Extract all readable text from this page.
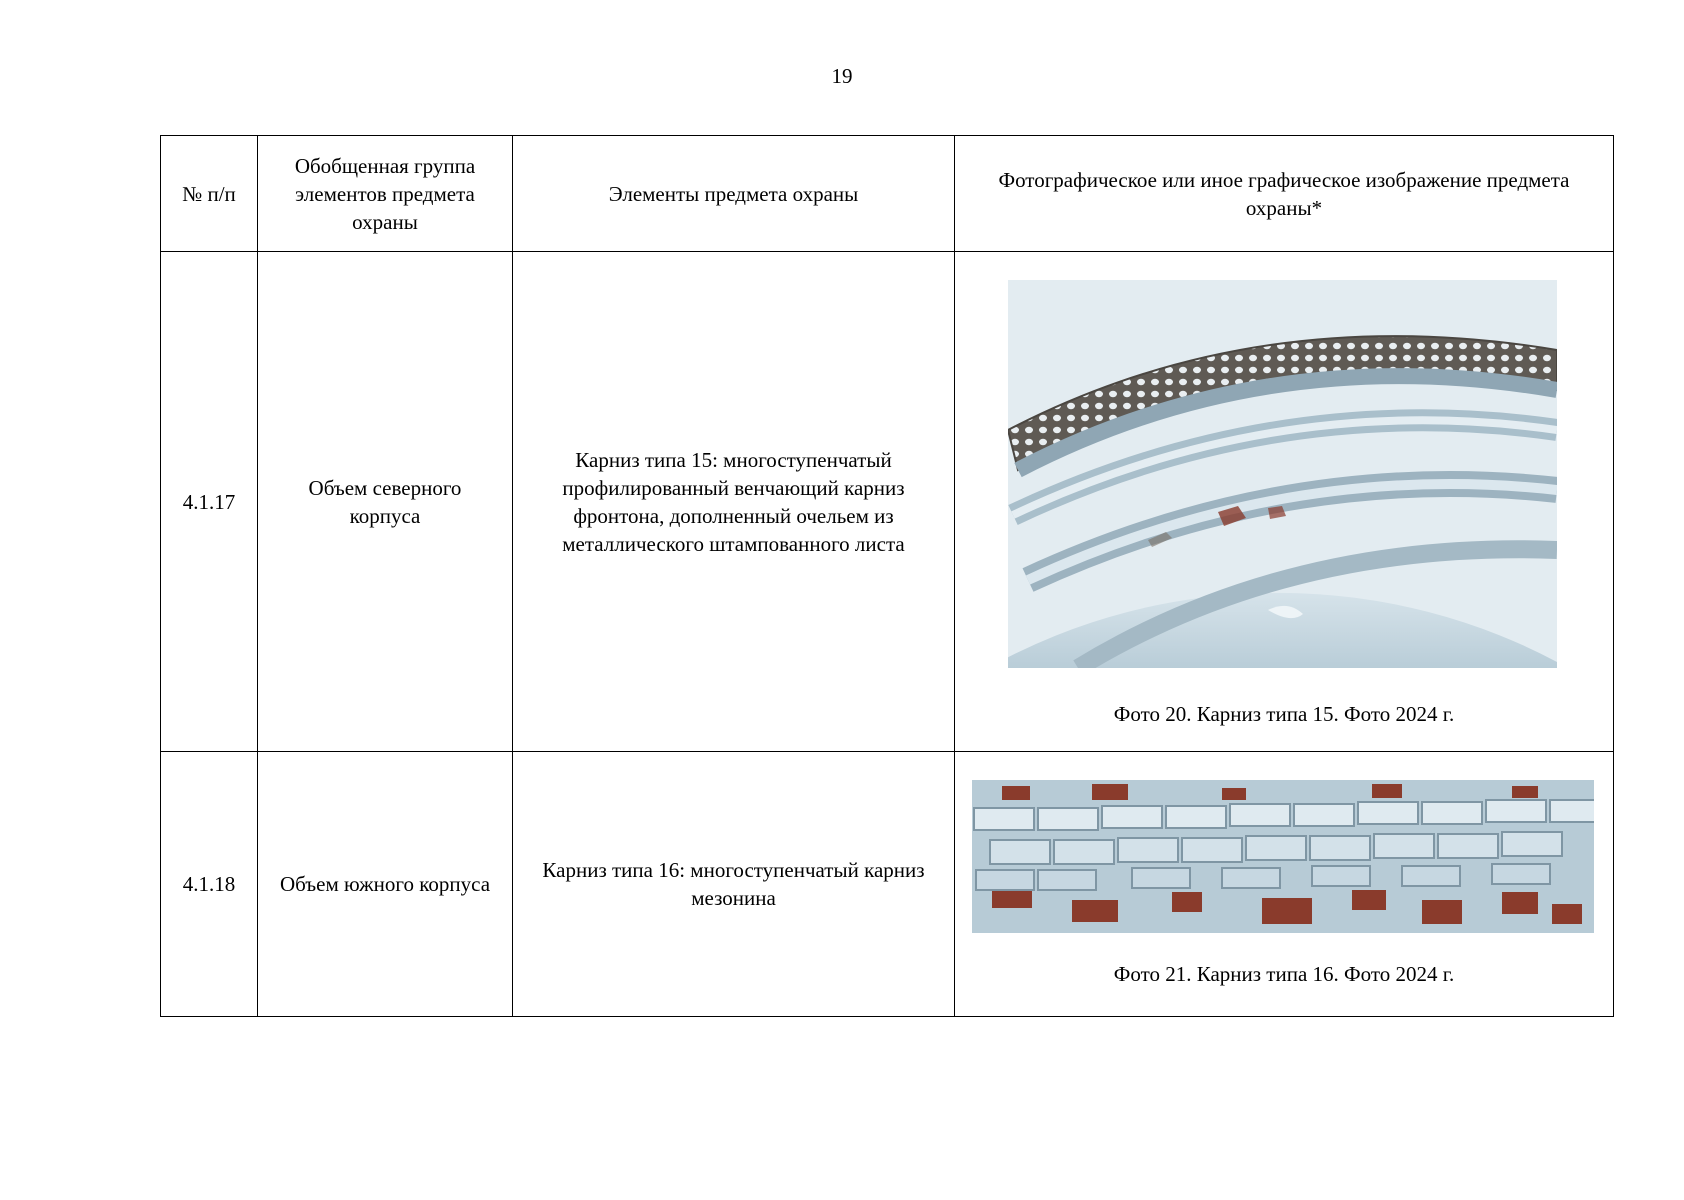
19
№ п/п	Обобщенная группа элементов предмета охраны	Элементы предмета охраны	Фотографическое или иное графическое изображение предмета охраны*

4.1.17	Объем северного корпуса	Карниз типа 15: многоступенчатый профилированный венчающий карниз фронтона, дополненный очельем из металлического штампованного листа	Фото 20. Карниз типа 15. Фото 2024 г.

4.1.18	Объем южного корпуса	Карниз типа 16: многоступенчатый карниз мезонина	Фото 21. Карниз типа 16. Фото 2024 г.
